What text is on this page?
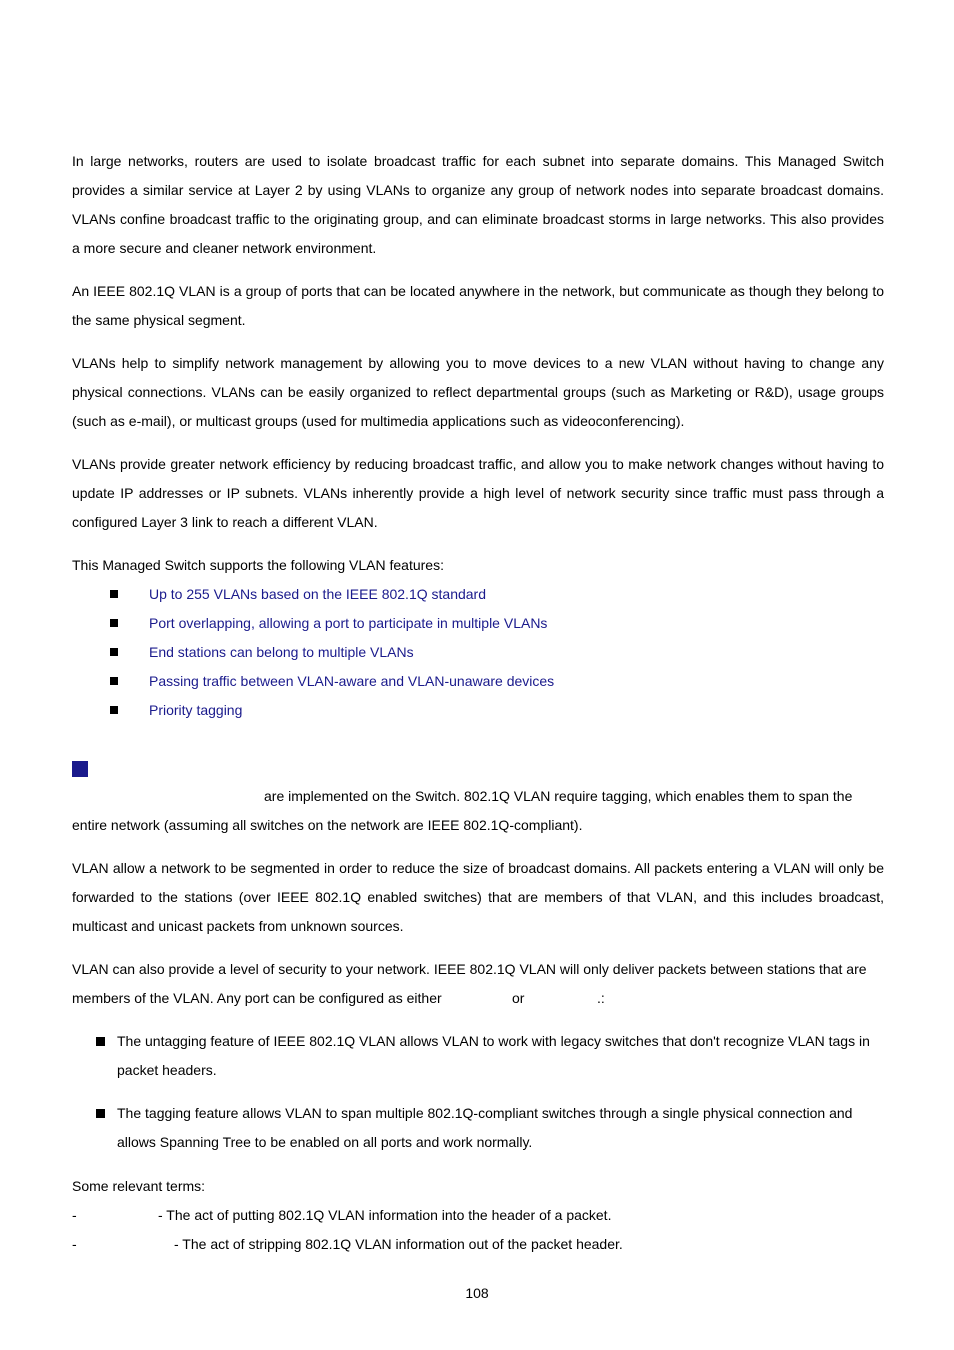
In large networks, routers are used to isolate broadcast traffic for each subnet into separate domains. This Managed Switch provides a similar service at Layer 2 by using VLANs to organize any group of network nodes into separate broadcast domains. VLANs confine broadcast traffic to the originating group, and can eliminate broadcast storms in large networks. This also provides a more secure and cleaner network environment.

An IEEE 802.1Q VLAN is a group of ports that can be located anywhere in the network, but communicate as though they belong to the same physical segment.

VLANs help to simplify network management by allowing you to move devices to a new VLAN without having to change any physical connections. VLANs can be easily organized to reflect departmental groups (such as Marketing or R&D), usage groups (such as e-mail), or multicast groups (used for multimedia applications such as videoconferencing).

VLANs provide greater network efficiency by reducing broadcast traffic, and allow you to make network changes without having to update IP addresses or IP subnets. VLANs inherently provide a high level of network security since traffic must pass through a configured Layer 3 link to reach a different VLAN.

This Managed Switch supports the following VLAN features:

Up to 255 VLANs based on the IEEE 802.1Q standard
Port overlapping, allowing a port to participate in multiple VLANs
End stations can belong to multiple VLANs
Passing traffic between VLAN-aware and VLAN-unaware devices
Priority tagging

are implemented on the Switch. 802.1Q VLAN require tagging, which enables them to span the

entire network (assuming all switches on the network are IEEE 802.1Q-compliant).

VLAN allow a network to be segmented in order to reduce the size of broadcast domains. All packets entering a VLAN will only be forwarded to the stations (over IEEE 802.1Q enabled switches) that are members of that VLAN, and this includes broadcast, multicast and unicast packets from unknown sources.

VLAN can also provide a level of security to your network. IEEE 802.1Q VLAN will only deliver packets between stations that are

members of the VLAN. Any port can be configured as either	or	.:

The untagging feature of IEEE 802.1Q VLAN allows VLAN to work with legacy switches that don't recognize VLAN tags in packet headers.

The tagging feature allows VLAN to span multiple 802.1Q-compliant switches through a single physical connection and allows Spanning Tree to be enabled on all ports and work normally.

Some relevant terms:

-	- The act of putting 802.1Q VLAN information into the header of a packet.
-	- The act of stripping 802.1Q VLAN information out of the packet header.
108
